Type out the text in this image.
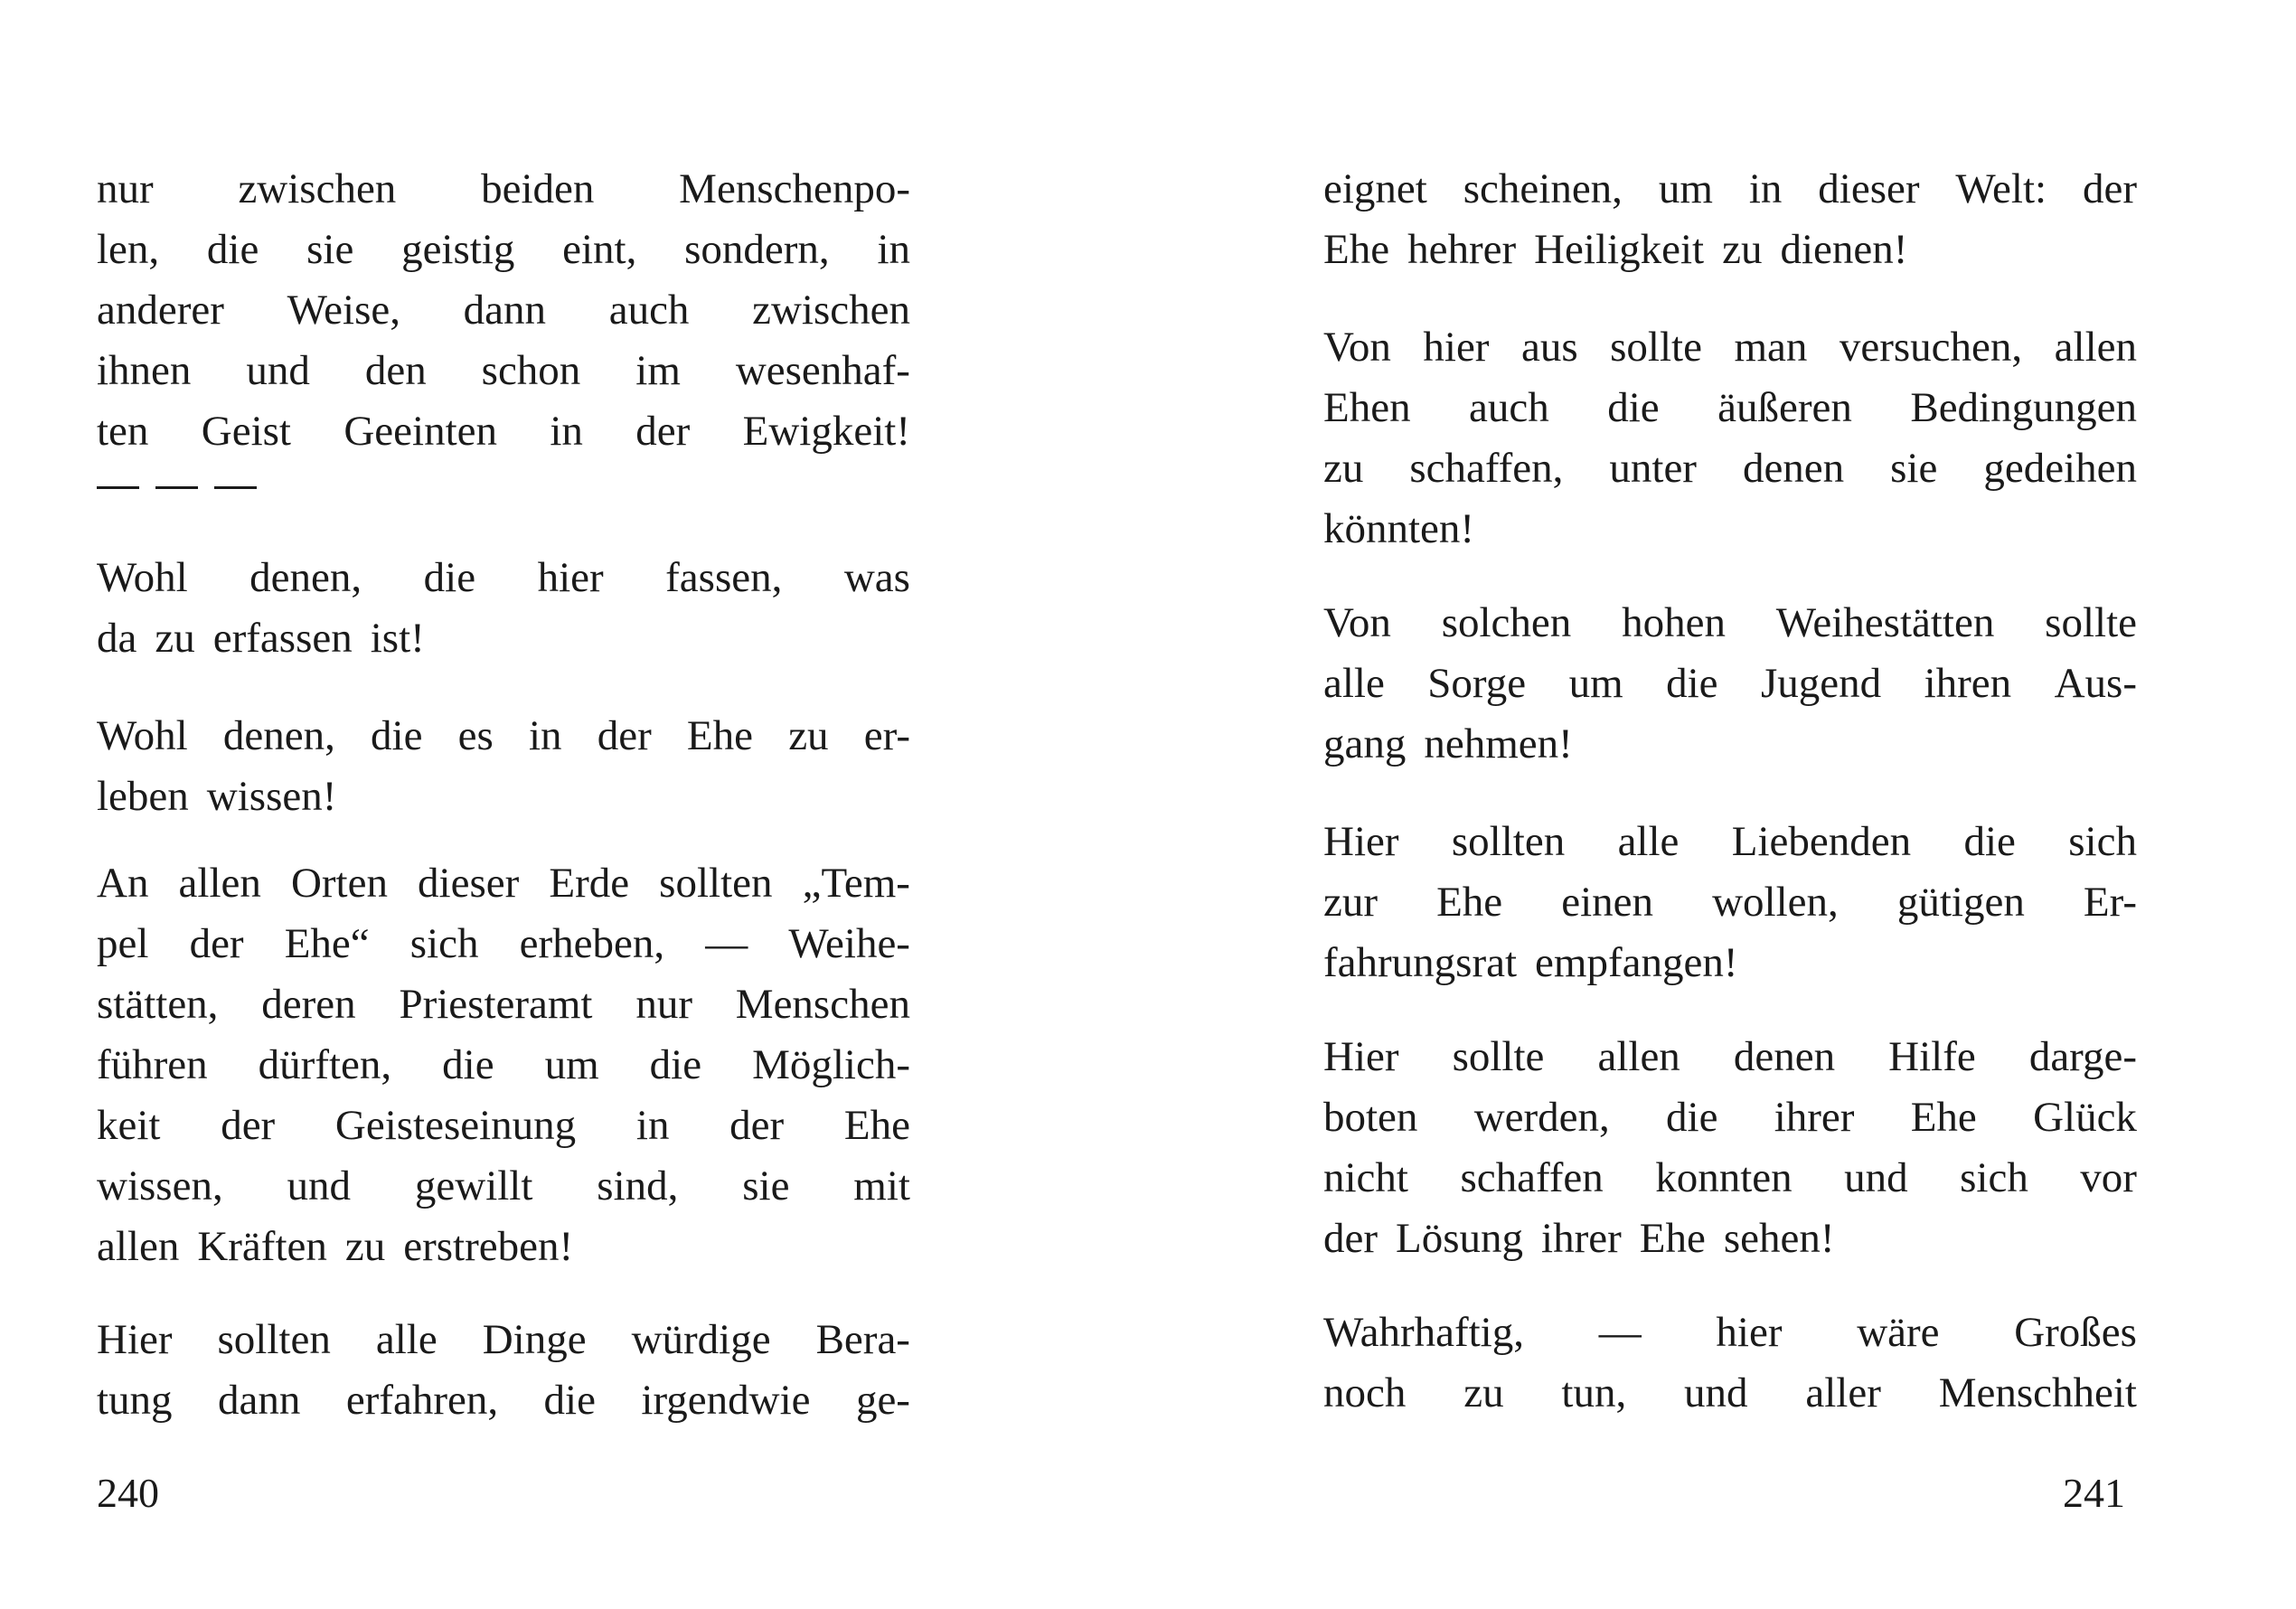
nur zwischen beiden Menschenpo-
len, die sie geistig eint, sondern, in
anderer Weise, dann auch zwischen
ihnen und den schon im wesenhaf-
ten Geist Geeinten in der Ewigkeit!
Wohl denen, die hier fassen, was
da zu erfassen ist!
Wohl denen, die es in der Ehe zu er-
leben wissen!
An allen Orten dieser Erde sollten „Tem-
pel der Ehe“ sich erheben, — Weihe-
stätten, deren Priesteramt nur Menschen
führen dürften, die um die Möglich-
keit der Geisteseinung in der Ehe
wissen, und gewillt sind, sie mit
allen Kräften zu erstreben!
Hier sollten alle Dinge würdige Bera-
tung dann erfahren, die irgendwie ge-
eignet scheinen, um in dieser Welt: der
Ehe hehrer Heiligkeit zu dienen!
Von hier aus sollte man versuchen, allen
Ehen auch die äußeren Bedingungen
zu schaffen, unter denen sie gedeihen
könnten!
Von solchen hohen Weihestätten sollte
alle Sorge um die Jugend ihren Aus-
gang nehmen!
Hier sollten alle Liebenden die sich
zur Ehe einen wollen, gütigen Er-
fahrungsrat empfangen!
Hier sollte allen denen Hilfe darge-
boten werden, die ihrer Ehe Glück
nicht schaffen konnten und sich vor
der Lösung ihrer Ehe sehen!
Wahrhaftig, — hier wäre Großes
noch zu tun, und aller Menschheit
240	241
